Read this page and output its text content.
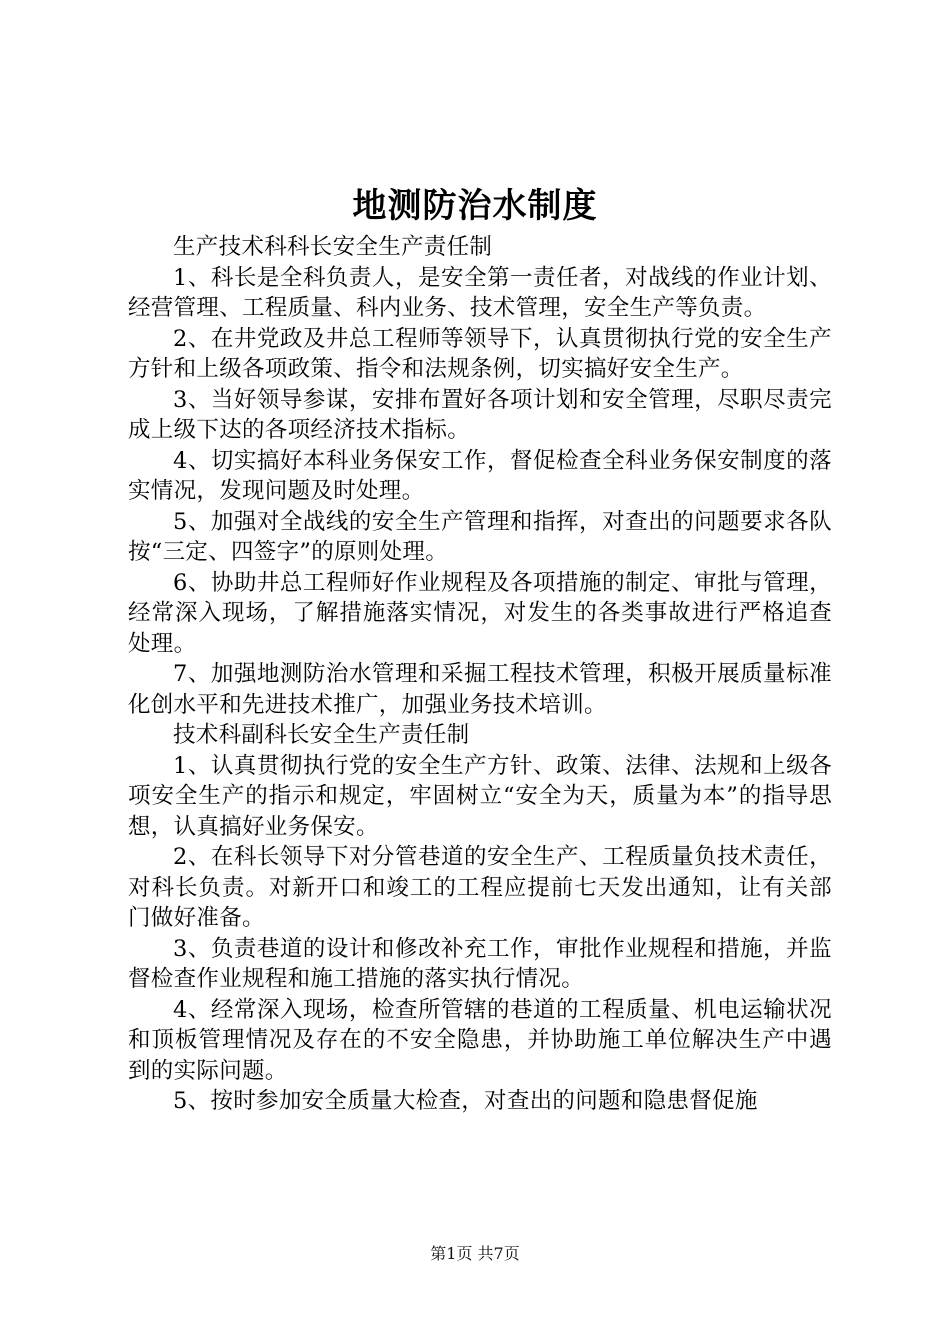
地测防治水制度

生产技术科科长安全生产责任制

1、科长是全科负责人，是安全第一责任者，对战线的作业计划、经营管理、工程质量、科内业务、技术管理，安全生产等负责。

2、在井党政及井总工程师等领导下，认真贯彻执行党的安全生产方针和上级各项政策、指令和法规条例，切实搞好安全生产。

3、当好领导参谋，安排布置好各项计划和安全管理，尽职尽责完成上级下达的各项经济技术指标。

4、切实搞好本科业务保安工作，督促检查全科业务保安制度的落实情况，发现问题及时处理。

5、加强对全战线的安全生产管理和指挥，对查出的问题要求各队按“三定、四签字”的原则处理。

6、协助井总工程师好作业规程及各项措施的制定、审批与管理，经常深入现场，了解措施落实情况，对发生的各类事故进行严格追查处理。

7、加强地测防治水管理和采掘工程技术管理，积极开展质量标准化创水平和先进技术推广，加强业务技术培训。

技术科副科长安全生产责任制

1、认真贯彻执行党的安全生产方针、政策、法律、法规和上级各项安全生产的指示和规定，牢固树立“安全为天，质量为本”的指导思想，认真搞好业务保安。

2、在科长领导下对分管巷道的安全生产、工程质量负技术责任，对科长负责。对新开口和竣工的工程应提前七天发出通知，让有关部门做好准备。

3、负责巷道的设计和修改补充工作，审批作业规程和措施，并监督检查作业规程和施工措施的落实执行情况。

4、经常深入现场，检查所管辖的巷道的工程质量、机电运输状况和顶板管理情况及存在的不安全隐患，并协助施工单位解决生产中遇到的实际问题。

5、按时参加安全质量大检查，对查出的问题和隐患督促施

第1页 共7页
